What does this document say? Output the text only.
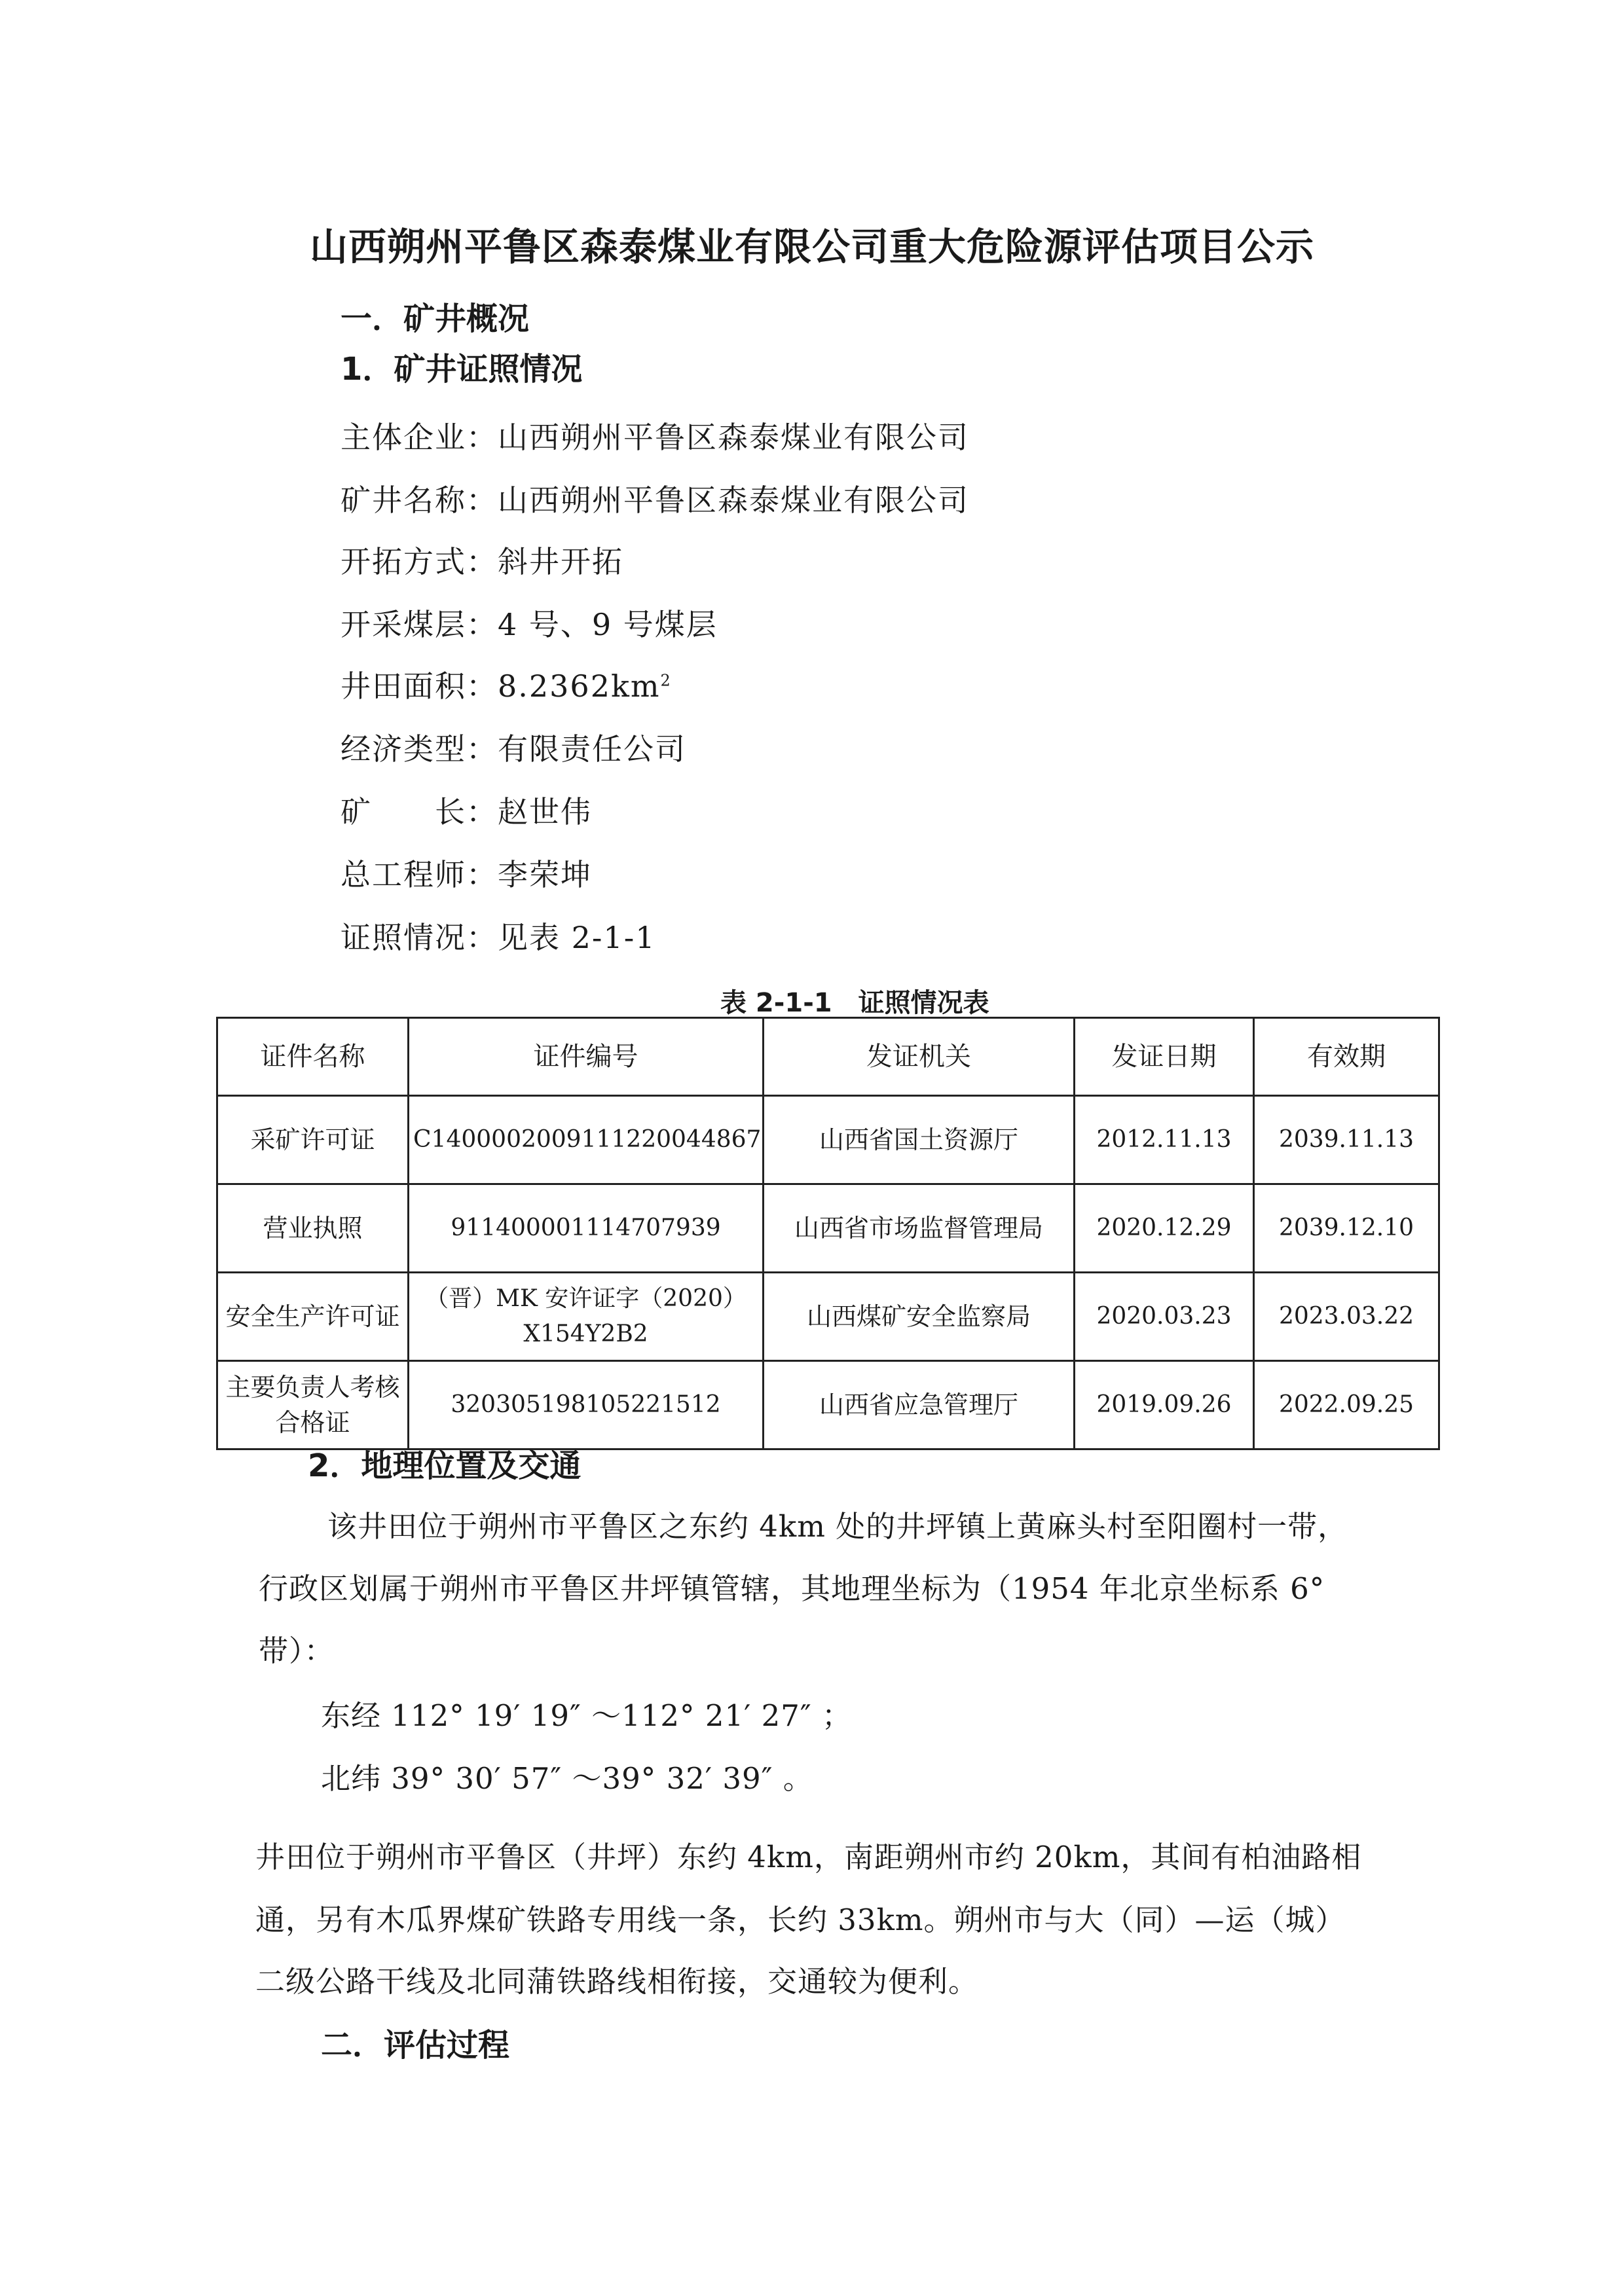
山西朔州平鲁区森泰煤业有限公司重大危险源评估项目公示
一．矿井概况
1．矿井证照情况
主体企业：山西朔州平鲁区森泰煤业有限公司
矿井名称：山西朔州平鲁区森泰煤业有限公司
开拓方式：斜井开拓
开采煤层：4 号、9 号煤层
井田面积：$8.2362km^2$
经济类型：有限责任公司
矿　　长：赵世伟
总工程师：李荣坤
证照情况：见表 2-1-1
表 2-1-1　证照情况表
证件名称	证件编号	发证机关	发证日期	有效期
采矿许可证	C1400002009111220044867	山西省国土资源厅	2012.11.13	2039.11.13
营业执照	911400001114707939	山西省市场监督管理局	2020.12.29	2039.12.10
安全生产许可证	（晋）MK 安许证字（2020）X154Y2B2	山西煤矿安全监察局	2020.03.23	2023.03.22
主要负责人考核合格证	320305198105221512	山西省应急管理厅	2019.09.26	2022.09.25
2．地理位置及交通
该井田位于朔州市平鲁区之东约 4km 处的井坪镇上黄麻头村至阳圈村一带，
行政区划属于朔州市平鲁区井坪镇管辖，其地理坐标为（1954 年北京坐标系 6°
带）：
东经 112° 19′ 19″ ～112° 21′ 27″ ；
北纬 39° 30′ 57″ ～39° 32′ 39″ 。
井田位于朔州市平鲁区（井坪）东约 4km，南距朔州市约 20km，其间有柏油路相
通，另有木瓜界煤矿铁路专用线一条，长约 33km。朔州市与大（同）—运（城）
二级公路干线及北同蒲铁路线相衔接，交通较为便利。
二．评估过程
